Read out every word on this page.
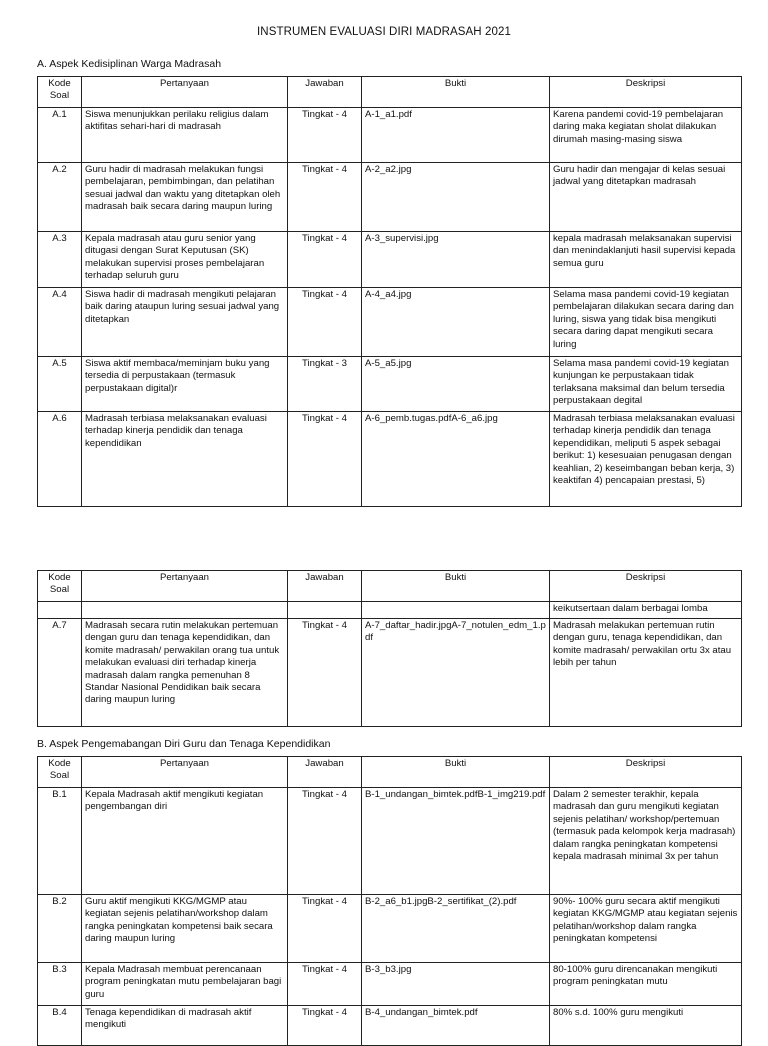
INSTRUMEN EVALUASI DIRI MADRASAH 2021
A. Aspek Kedisiplinan Warga Madrasah
Kode Soal	Pertanyaan	Jawaban	Bukti	Deskripsi
A.1	Siswa menunjukkan perilaku religius dalam aktifitas sehari-hari di madrasah	Tingkat - 4	A-1_a1.pdf	Karena pandemi covid-19 pembelajaran daring maka kegiatan sholat dilakukan dirumah masing-masing siswa
A.2	Guru hadir di madrasah melakukan fungsi pembelajaran, pembimbingan, dan pelatihan sesuai jadwal dan waktu yang ditetapkan oleh madrasah baik secara daring maupun luring	Tingkat - 4	A-2_a2.jpg	Guru hadir dan mengajar di kelas sesuai jadwal yang ditetapkan madrasah
A.3	Kepala madrasah atau guru senior yang ditugasi dengan Surat Keputusan (SK) melakukan supervisi proses pembelajaran terhadap seluruh guru	Tingkat - 4	A-3_supervisi.jpg	kepala madrasah melaksanakan supervisi dan menindaklanjuti hasil supervisi kepada semua guru
A.4	Siswa hadir di madrasah mengikuti pelajaran baik daring ataupun luring sesuai jadwal yang ditetapkan	Tingkat - 4	A-4_a4.jpg	Selama masa pandemi covid-19 kegiatan pembelajaran dilakukan secara daring dan luring, siswa yang tidak bisa mengikuti secara daring dapat mengikuti secara luring
A.5	Siswa aktif membaca/meminjam buku yang tersedia di perpustakaan (termasuk perpustakaan digital)r	Tingkat - 3	A-5_a5.jpg	Selama masa pandemi covid-19 kegiatan kunjungan ke perpustakaan tidak terlaksana maksimal dan belum tersedia perpustakaan degital
A.6	Madrasah terbiasa melaksanakan evaluasi terhadap kinerja pendidik dan tenaga kependidikan	Tingkat - 4	A-6_pemb.tugas.pdfA-6_a6.jpg	Madrasah terbiasa melaksanakan evaluasi terhadap kinerja pendidik dan tenaga kependidikan, meliputi 5 aspek sebagai berikut: 1) kesesuaian penugasan dengan keahlian, 2) keseimbangan beban kerja, 3) keaktifan 4) pencapaian prestasi, 5)
Kode Soal	Pertanyaan	Jawaban	Bukti	Deskripsi
				keikutsertaan dalam berbagai lomba
A.7	Madrasah secara rutin melakukan pertemuan dengan guru dan tenaga kependidikan, dan komite madrasah/ perwakilan orang tua untuk melakukan evaluasi diri terhadap kinerja madrasah dalam rangka pemenuhan 8 Standar Nasional Pendidikan baik secara daring maupun luring	Tingkat - 4	A-7_daftar_hadir.jpgA-7_notulen_edm_1.pdf	Madrasah melakukan pertemuan rutin dengan guru, tenaga kependidikan, dan komite madrasah/ perwakilan ortu 3x atau lebih per tahun
B. Aspek Pengemabangan Diri Guru dan Tenaga Kependidikan
Kode Soal	Pertanyaan	Jawaban	Bukti	Deskripsi
B.1	Kepala Madrasah aktif mengikuti kegiatan pengembangan diri	Tingkat - 4	B-1_undangan_bimtek.pdfB-1_img219.pdf	Dalam 2 semester terakhir, kepala madrasah dan guru mengikuti kegiatan sejenis pelatihan/ workshop/pertemuan (termasuk pada kelompok kerja madrasah) dalam rangka peningkatan kompetensi kepala madrasah minimal 3x per tahun
B.2	Guru aktif mengikuti KKG/MGMP atau kegiatan sejenis pelatihan/workshop dalam rangka peningkatan kompetensi baik secara daring maupun luring	Tingkat - 4	B-2_a6_b1.jpgB-2_sertifikat_(2).pdf	90%- 100% guru secara aktif mengikuti kegiatan KKG/MGMP atau kegiatan sejenis pelatihan/workshop dalam rangka peningkatan kompetensi
B.3	Kepala Madrasah membuat perencanaan program peningkatan mutu pembelajaran bagi guru	Tingkat - 4	B-3_b3.jpg	80-100% guru direncanakan mengikuti program peningkatan mutu
B.4	Tenaga kependidikan di madrasah aktif mengikuti	Tingkat - 4	B-4_undangan_bimtek.pdf	80% s.d. 100% guru mengikuti
